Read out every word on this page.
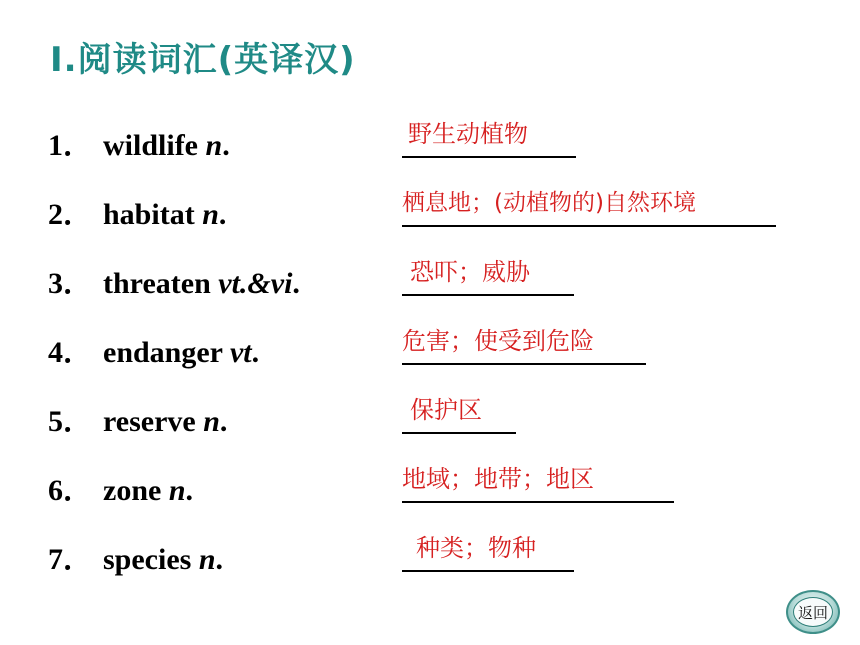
Ⅰ.阅读词汇(英译汉)
1． wildlife n.	野生动植物
2． habitat n.	栖息地；(动植物的)自然环境
3． threaten vt.&vi.	恐吓；威胁
4． endanger vt.	危害；使受到危险
5． reserve n.	保护区
6． zone n.	地域；地带；地区
7． species n.	种类；物种
返回
